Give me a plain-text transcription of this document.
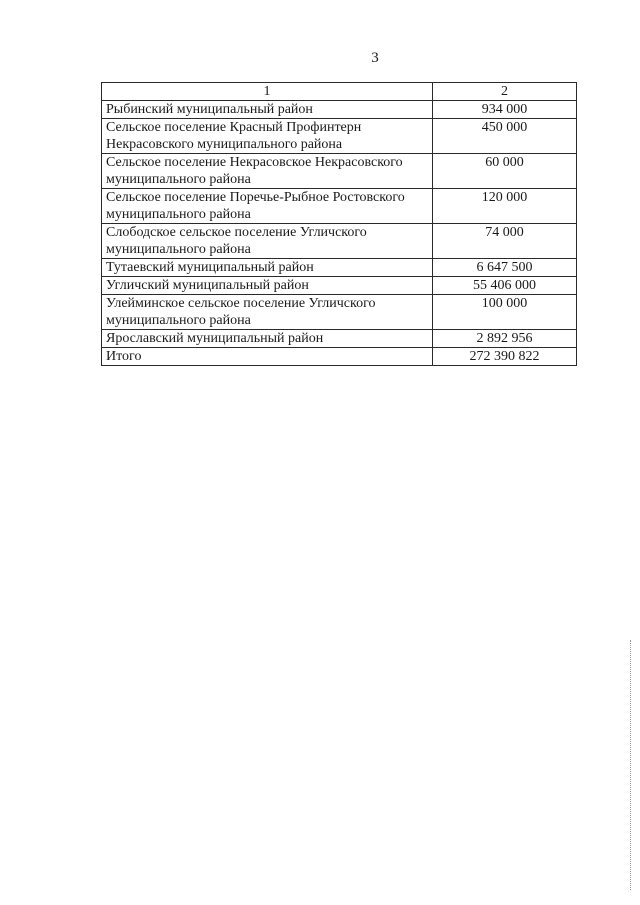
3
1	2
Рыбинский муниципальный район	934 000
Сельское поселение Красный Профинтерн Некрасовского муниципального района	450 000
Сельское поселение Некрасовское Некрасовского муниципального района	60 000
Сельское поселение Поречье-Рыбное Ростовского муниципального района	120 000
Слободское сельское поселение Угличского муниципального района	74 000
Тутаевский муниципальный район	6 647 500
Угличский муниципальный район	55 406 000
Улейминское сельское поселение Угличского муниципального района	100 000
Ярославский муниципальный район	2 892 956
Итого	272 390 822
